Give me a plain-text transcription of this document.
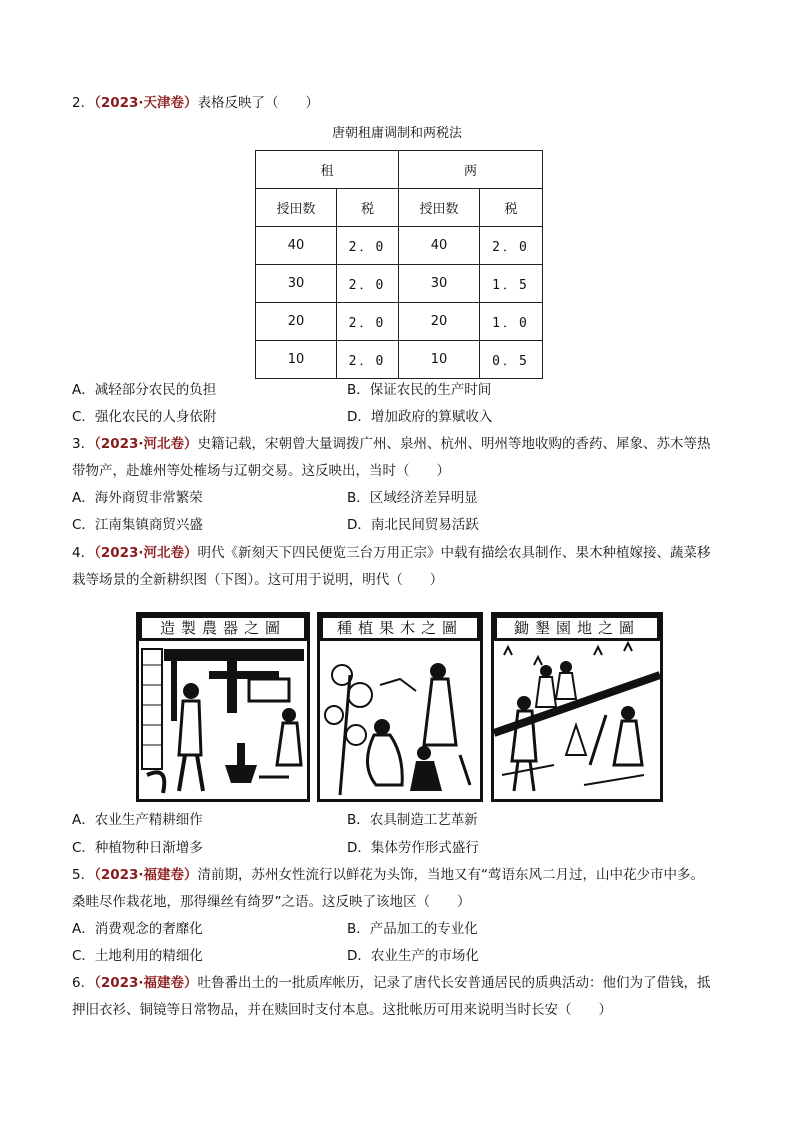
2．（2023·天津卷）表格反映了（　　）
唐朝租庸调制和两税法
租		两	
授田数	税	授田数	税
40	2．0	40	2．0
30	2．0	30	1．5
20	2．0	20	1．0
10	2．0	10	0．5
A．减轻部分农民的负担	B．保证农民的生产时间
C．强化农民的人身依附	D．增加政府的算赋收入
3．（2023·河北卷）史籍记载，宋朝曾大量调拨广州、泉州、杭州、明州等地收购的香药、犀象、苏木等热
带物产，赴雄州等处榷场与辽朝交易。这反映出，当时（　　）
A．海外商贸非常繁荣	B．区域经济差异明显
C．江南集镇商贸兴盛	D．南北民间贸易活跃
4．（2023·河北卷）明代《新刻天下四民便览三台万用正宗》中载有描绘农具制作、果木种植嫁接、蔬菜移
栽等场景的全新耕织图（下图）。这可用于说明，明代（　　）
造製農器之圖	種植果木之圖	鋤墾園地之圖
A．农业生产精耕细作	B．农具制造工艺革新
C．种植物种日渐增多	D．集体劳作形式盛行
5．（2023·福建卷）清前期，苏州女性流行以鲜花为头饰，当地又有“莺语东风二月过，山中花少市中多。
桑畦尽作栽花地，那得缫丝有绮罗”之语。这反映了该地区（　　）
A．消费观念的奢靡化	B．产品加工的专业化
C．土地利用的精细化	D．农业生产的市场化
6．（2023·福建卷）吐鲁番出土的一批质库帐历，记录了唐代长安普通居民的质典活动：他们为了借钱，抵
押旧衣衫、铜镜等日常物品，并在赎回时支付本息。这批帐历可用来说明当时长安（　　）
